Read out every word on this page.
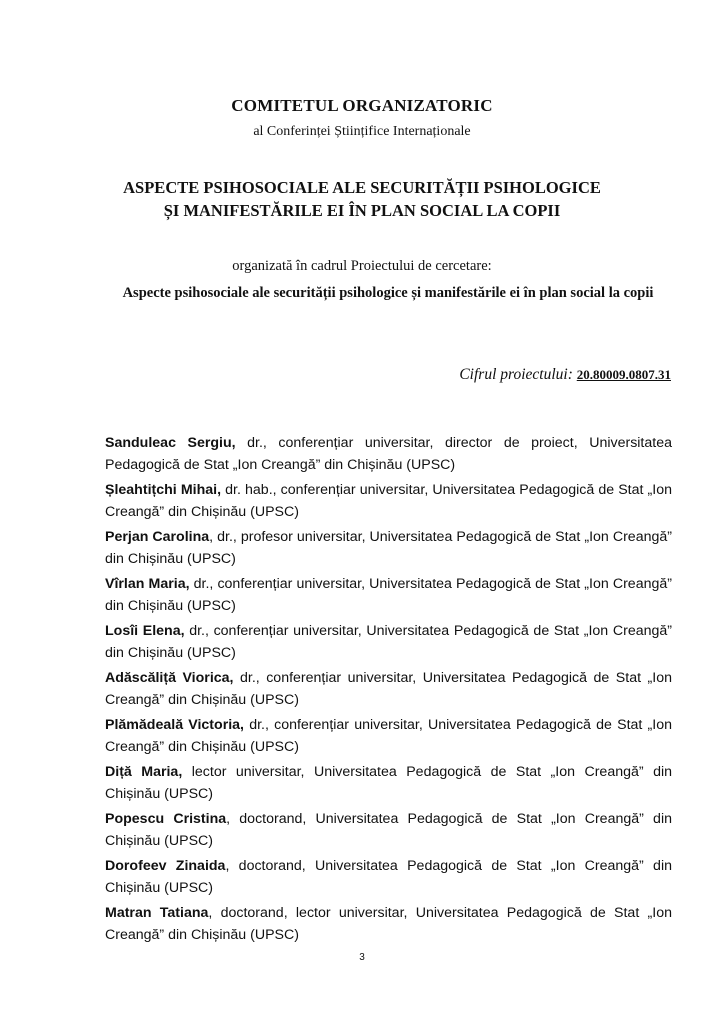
COMITETUL ORGANIZATORIC
al Conferinței Științifice Internaționale
ASPECTE PSIHOSOCIALE ALE SECURITĂȚII PSIHOLOGICE
ȘI MANIFESTĂRILE EI ÎN PLAN SOCIAL LA COPII
organizată în cadrul Proiectului de cercetare:
Aspecte psihosociale ale securității psihologice și manifestările ei în plan social la copii
Cifrul proiectului: 20.80009.0807.31
Sanduleac Sergiu, dr., conferențiar universitar, director de proiect, Universitatea Pedagogică de Stat „Ion Creangă” din Chișinău (UPSC)
Șleahtițchi Mihai, dr. hab., conferențiar universitar, Universitatea Pedagogică de Stat „Ion Creangă” din Chișinău (UPSC)
Perjan Carolina, dr., profesor universitar, Universitatea Pedagogică de Stat „Ion Creangă” din Chișinău (UPSC)
Vîrlan Maria, dr., conferențiar universitar, Universitatea Pedagogică de Stat „Ion Creangă” din Chișinău (UPSC)
Losîi Elena, dr., conferențiar universitar, Universitatea Pedagogică de Stat „Ion Creangă” din Chișinău (UPSC)
Adăscăliță Viorica, dr., conferențiar universitar, Universitatea Pedagogică de Stat „Ion Creangă” din Chișinău (UPSC)
Plămădeală Victoria, dr., conferențiar universitar, Universitatea Pedagogică de Stat „Ion Creangă” din Chișinău (UPSC)
Diță Maria, lector universitar, Universitatea Pedagogică de Stat „Ion Creangă” din Chișinău (UPSC)
Popescu Cristina, doctorand, Universitatea Pedagogică de Stat „Ion Creangă” din Chișinău (UPSC)
Dorofeev Zinaida, doctorand, Universitatea Pedagogică de Stat „Ion Creangă” din Chișinău (UPSC)
Matran Tatiana, doctorand, lector universitar, Universitatea Pedagogică de Stat „Ion Creangă” din Chișinău (UPSC)
3
